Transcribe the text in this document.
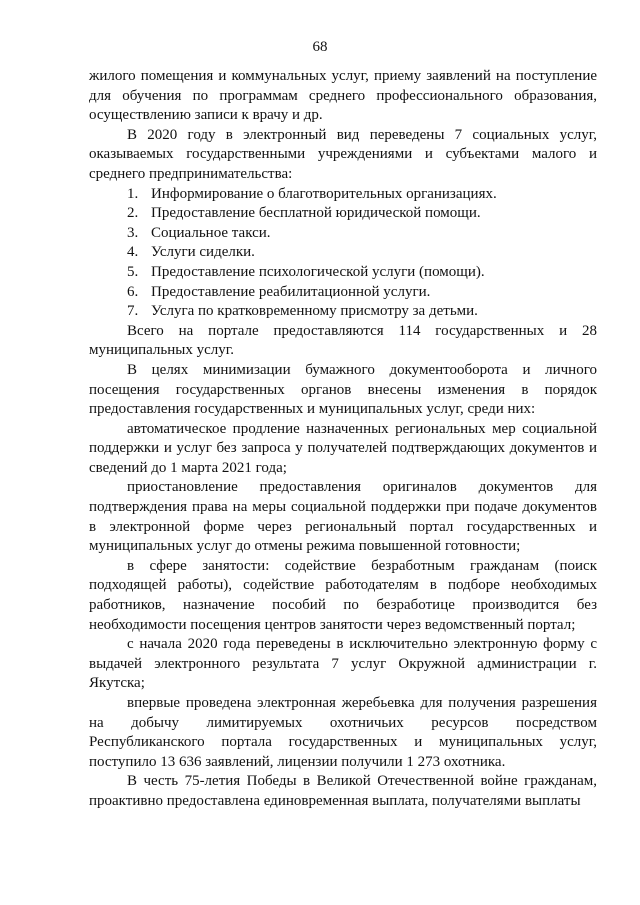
68

жилого помещения и коммунальных услуг, приему заявлений на поступление для обучения по программам среднего профессионального образования, осуществлению записи к врачу и др.

В 2020 году в электронный вид переведены 7 социальных услуг, оказываемых государственными учреждениями и субъектами малого и среднего предпринимательства:

1. Информирование о благотворительных организациях.
2. Предоставление бесплатной юридической помощи.
3. Социальное такси.
4. Услуги сиделки.
5. Предоставление психологической услуги (помощи).
6. Предоставление реабилитационной услуги.
7. Услуга по кратковременному присмотру за детьми.

Всего на портале предоставляются 114 государственных и 28 муниципальных услуг.

В целях минимизации бумажного документооборота и личного посещения государственных органов внесены изменения в порядок предоставления государственных и муниципальных услуг, среди них:

автоматическое продление назначенных региональных мер социальной поддержки и услуг без запроса у получателей подтверждающих документов и сведений до 1 марта 2021 года;

приостановление предоставления оригиналов документов для подтверждения права на меры социальной поддержки при подаче документов в электронной форме через региональный портал государственных и муниципальных услуг до отмены режима повышенной готовности;

в сфере занятости: содействие безработным гражданам (поиск подходящей работы), содействие работодателям в подборе необходимых работников, назначение пособий по безработице производится без необходимости посещения центров занятости через ведомственный портал;

с начала 2020 года переведены в исключительно электронную форму с выдачей электронного результата 7 услуг Окружной администрации г. Якутска;

впервые проведена электронная жеребьевка для получения разрешения на добычу лимитируемых охотничьих ресурсов посредством Республиканского портала государственных и муниципальных услуг, поступило 13 636 заявлений, лицензии получили 1 273 охотника.

В честь 75-летия Победы в Великой Отечественной войне гражданам, проактивно предоставлена единовременная выплата, получателями выплаты
